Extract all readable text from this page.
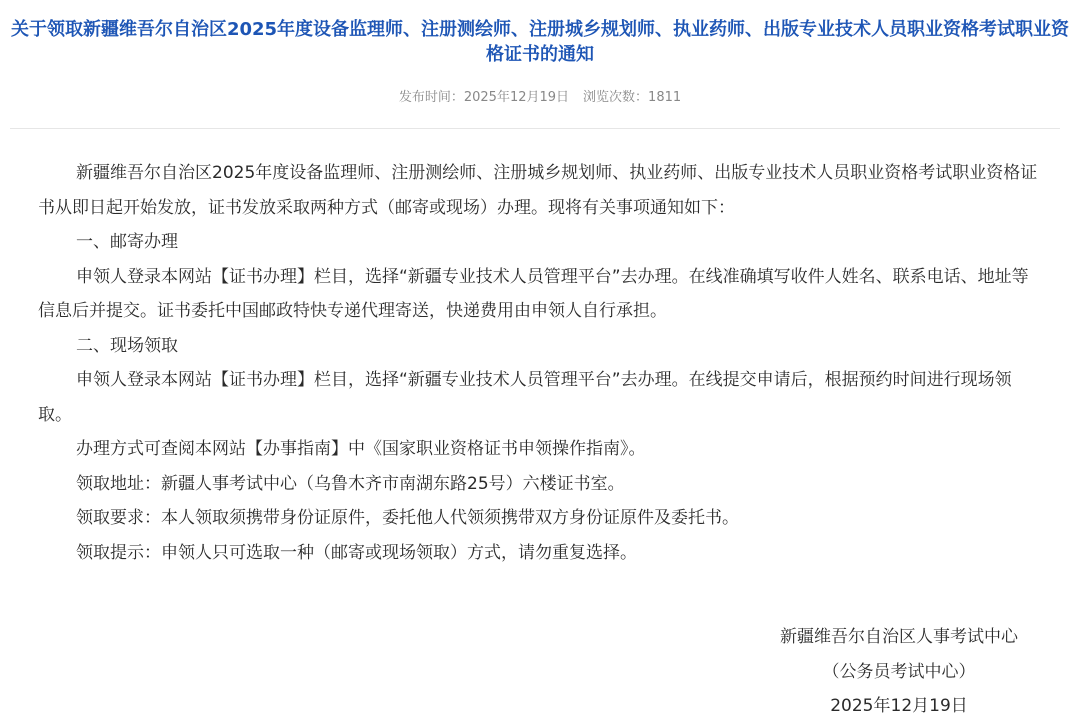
关于领取新疆维吾尔自治区2025年度设备监理师、注册测绘师、注册城乡规划师、执业药师、出版专业技术人员职业资格考试职业资格证书的通知
发布时间：2025年12月19日 浏览次数：1811

新疆维吾尔自治区2025年度设备监理师、注册测绘师、注册城乡规划师、执业药师、出版专业技术人员职业资格考试职业资格证书从即日起开始发放，证书发放采取两种方式（邮寄或现场）办理。现将有关事项通知如下：

一、邮寄办理

申领人登录本网站【证书办理】栏目，选择“新疆专业技术人员管理平台”去办理。在线准确填写收件人姓名、联系电话、地址等信息后并提交。证书委托中国邮政特快专递代理寄送，快递费用由申领人自行承担。

二、现场领取

申领人登录本网站【证书办理】栏目，选择“新疆专业技术人员管理平台”去办理。在线提交申请后，根据预约时间进行现场领取。

办理方式可查阅本网站【办事指南】中《国家职业资格证书申领操作指南》。

领取地址：新疆人事考试中心（乌鲁木齐市南湖东路25号）六楼证书室。

领取要求：本人领取须携带身份证原件，委托他人代领须携带双方身份证原件及委托书。

领取提示：申领人只可选取一种（邮寄或现场领取）方式，请勿重复选择。

新疆维吾尔自治区人事考试中心
（公务员考试中心）
2025年12月19日
